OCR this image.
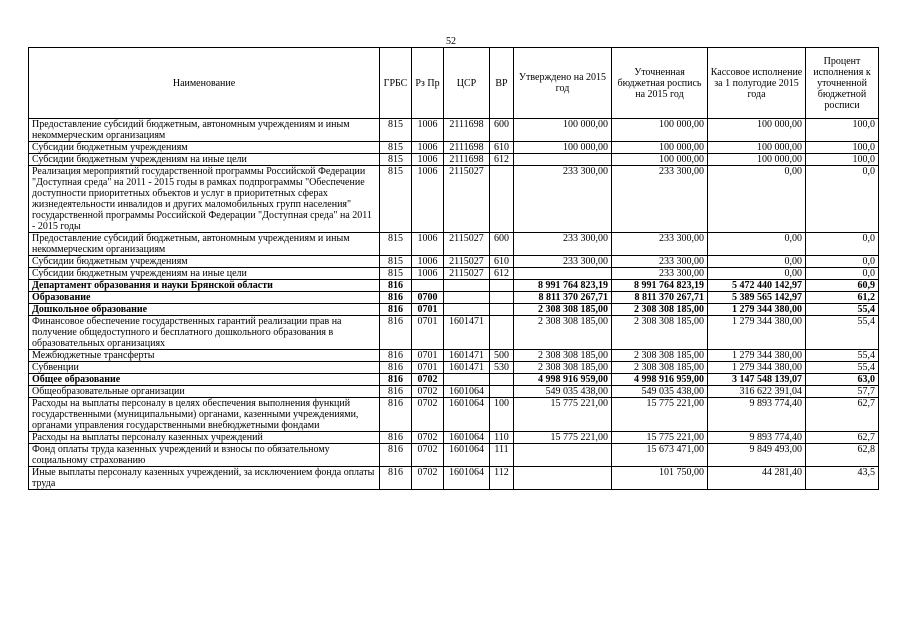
52
Наименование	ГРБС	Рз Пр	ЦСР	ВР	Утверждено на 2015 год	Уточненная бюджетная роспись на 2015 год	Кассовое исполнение за 1 полугодие 2015 года	Процент исполнения к уточненной бюджетной росписи
Предоставление субсидий бюджетным, автономным учреждениям и иным некоммерческим организациям	815	1006	2111698	600	100 000,00	100 000,00	100 000,00	100,0
Субсидии бюджетным учреждениям	815	1006	2111698	610	100 000,00	100 000,00	100 000,00	100,0
Субсидии бюджетным учреждениям на иные цели	815	1006	2111698	612		100 000,00	100 000,00	100,0
Реализация мероприятий государственной программы Российской Федерации "Доступная среда" на 2011 - 2015 годы в рамках подпрограммы "Обеспечение доступности приоритетных объектов и услуг в приоритетных сферах жизнедеятельности инвалидов и других маломобильных групп населения" государственной программы Российской Федерации "Доступная среда" на 2011 - 2015 годы	815	1006	2115027		233 300,00	233 300,00	0,00	0,0
Предоставление субсидий бюджетным, автономным учреждениям и иным некоммерческим организациям	815	1006	2115027	600	233 300,00	233 300,00	0,00	0,0
Субсидии бюджетным учреждениям	815	1006	2115027	610	233 300,00	233 300,00	0,00	0,0
Субсидии бюджетным учреждениям на иные цели	815	1006	2115027	612		233 300,00	0,00	0,0
Департамент образования и науки Брянской области	816				8 991 764 823,19	8 991 764 823,19	5 472 440 142,97	60,9
Образование	816	0700			8 811 370 267,71	8 811 370 267,71	5 389 565 142,97	61,2
Дошкольное образование	816	0701			2 308 308 185,00	2 308 308 185,00	1 279 344 380,00	55,4
Финансовое обеспечение государственных гарантий реализации прав на получение общедоступного и бесплатного дошкольного образования в образовательных организациях	816	0701	1601471		2 308 308 185,00	2 308 308 185,00	1 279 344 380,00	55,4
Межбюджетные трансферты	816	0701	1601471	500	2 308 308 185,00	2 308 308 185,00	1 279 344 380,00	55,4
Субвенции	816	0701	1601471	530	2 308 308 185,00	2 308 308 185,00	1 279 344 380,00	55,4
Общее образование	816	0702			4 998 916 959,00	4 998 916 959,00	3 147 548 139,07	63,0
Общеобразовательные организации	816	0702	1601064		549 035 438,00	549 035 438,00	316 622 391,04	57,7
Расходы на выплаты персоналу в целях обеспечения выполнения функций государственными (муниципальными) органами, казенными учреждениями, органами управления государственными внебюджетными фондами	816	0702	1601064	100	15 775 221,00	15 775 221,00	9 893 774,40	62,7
Расходы на выплаты персоналу казенных учреждений	816	0702	1601064	110	15 775 221,00	15 775 221,00	9 893 774,40	62,7
Фонд оплаты труда казенных учреждений и взносы по обязательному социальному страхованию	816	0702	1601064	111		15 673 471,00	9 849 493,00	62,8
Иные выплаты персоналу казенных учреждений, за исключением фонда оплаты труда	816	0702	1601064	112		101 750,00	44 281,40	43,5
